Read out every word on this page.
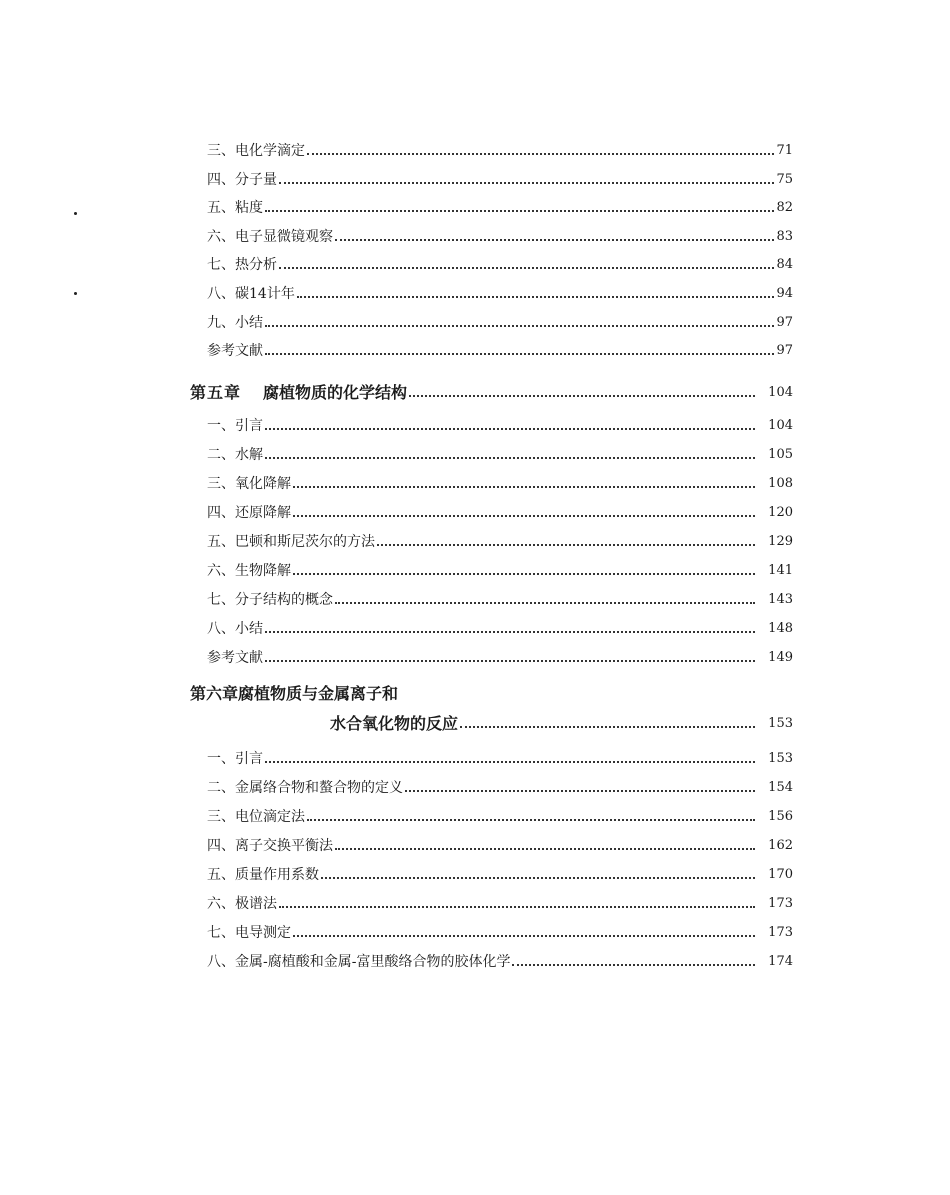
三、电化学滴定	71
四、分子量	75
五、粘度	82
六、电子显微镜观察	83
七、热分析	84
八、碳14计年	94
九、小结	97
参考文献	97
第五章 腐植物质的化学结构	104
一、引言	104
二、水解	105
三、氧化降解	108
四、还原降解	120
五、巴顿和斯尼茨尔的方法	129
六、生物降解	141
七、分子结构的概念	143
八、小结	148
参考文献	149
第六章 腐植物质与金属离子和
水合氧化物的反应	153
一、引言	153
二、金属络合物和螯合物的定义	154
三、电位滴定法	156
四、离子交换平衡法	162
五、质量作用系数	170
六、极谱法	173
七、电导测定	173
八、金属-腐植酸和金属-富里酸络合物的胶体化学	174
